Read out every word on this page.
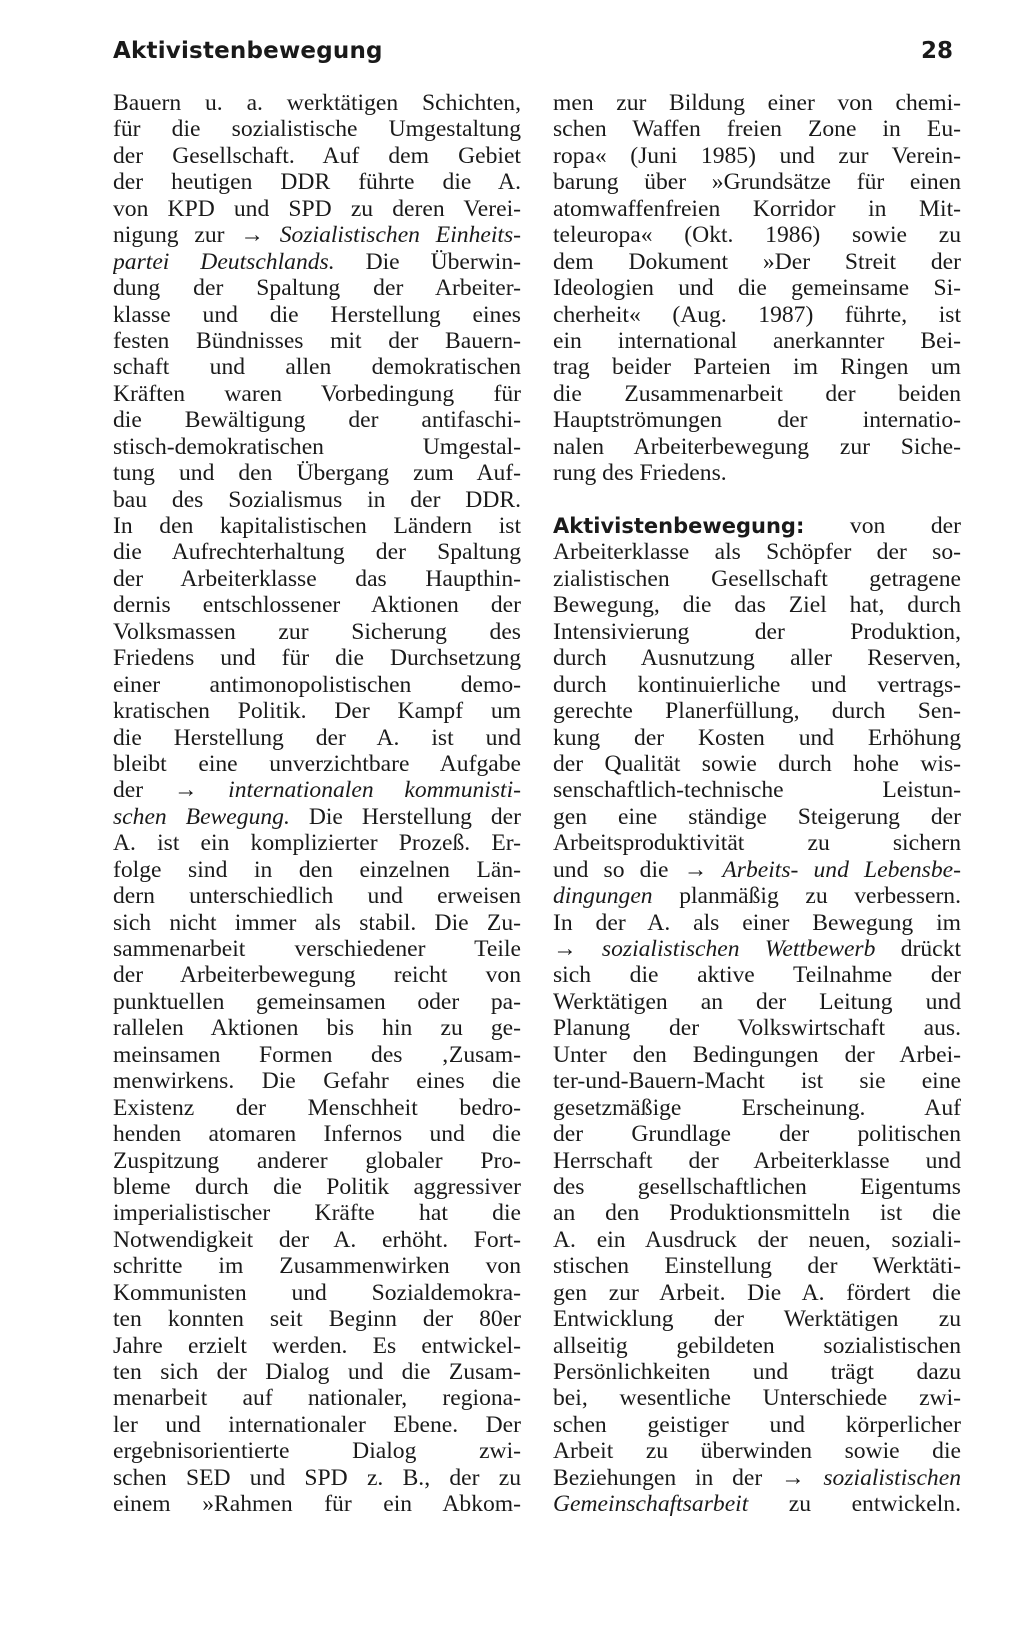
Aktivistenbewegung	28
Bauern u. a. werktätigen Schichten,
für die sozialistische Umgestaltung
der Gesellschaft. Auf dem Gebiet
der heutigen DDR führte die A.
von KPD und SPD zu deren Verei-
nigung zur → Sozialistischen Einheits-
partei Deutschlands. Die Überwin-
dung der Spaltung der Arbeiter-
klasse und die Herstellung eines
festen Bündnisses mit der Bauern-
schaft und allen demokratischen
Kräften waren Vorbedingung für
die Bewältigung der antifaschi-
stisch-demokratischen Umgestal-
tung und den Übergang zum Auf-
bau des Sozialismus in der DDR.
In den kapitalistischen Ländern ist
die Aufrechterhaltung der Spaltung
der Arbeiterklasse das Haupthin-
dernis entschlossener Aktionen der
Volksmassen zur Sicherung des
Friedens und für die Durchsetzung
einer antimonopolistischen demo-
kratischen Politik. Der Kampf um
die Herstellung der A. ist und
bleibt eine unverzichtbare Aufgabe
der → internationalen kommunisti-
schen Bewegung. Die Herstellung der
A. ist ein komplizierter Prozeß. Er-
folge sind in den einzelnen Län-
dern unterschiedlich und erweisen
sich nicht immer als stabil. Die Zu-
sammenarbeit verschiedener Teile
der Arbeiterbewegung reicht von
punktuellen gemeinsamen oder pa-
rallelen Aktionen bis hin zu ge-
meinsamen Formen des ‚Zusam-
menwirkens. Die Gefahr eines die
Existenz der Menschheit bedro-
henden atomaren Infernos und die
Zuspitzung anderer globaler Pro-
bleme durch die Politik aggressiver
imperialistischer Kräfte hat die
Notwendigkeit der A. erhöht. Fort-
schritte im Zusammenwirken von
Kommunisten und Sozialdemokra-
ten konnten seit Beginn der 80er
Jahre erzielt werden. Es entwickel-
ten sich der Dialog und die Zusam-
menarbeit auf nationaler, regiona-
ler und internationaler Ebene. Der
ergebnisorientierte Dialog zwi-
schen SED und SPD z. B., der zu
einem »Rahmen für ein Abkom-
men zur Bildung einer von chemi-
schen Waffen freien Zone in Eu-
ropa« (Juni 1985) und zur Verein-
barung über »Grundsätze für einen
atomwaffenfreien Korridor in Mit-
teleuropa« (Okt. 1986) sowie zu
dem Dokument »Der Streit der
Ideologien und die gemeinsame Si-
cherheit« (Aug. 1987) führte, ist
ein international anerkannter Bei-
trag beider Parteien im Ringen um
die Zusammenarbeit der beiden
Hauptströmungen der internatio-
nalen Arbeiterbewegung zur Siche-
rung des Friedens.
Aktivistenbewegung: von der
Arbeiterklasse als Schöpfer der so-
zialistischen Gesellschaft getragene
Bewegung, die das Ziel hat, durch
Intensivierung der Produktion,
durch Ausnutzung aller Reserven,
durch kontinuierliche und vertrags-
gerechte Planerfüllung, durch Sen-
kung der Kosten und Erhöhung
der Qualität sowie durch hohe wis-
senschaftlich-technische Leistun-
gen eine ständige Steigerung der
Arbeitsproduktivität zu sichern
und so die → Arbeits- und Lebensbe-
dingungen planmäßig zu verbessern.
In der A. als einer Bewegung im
→ sozialistischen Wettbewerb drückt
sich die aktive Teilnahme der
Werktätigen an der Leitung und
Planung der Volkswirtschaft aus.
Unter den Bedingungen der Arbei-
ter-und-Bauern-Macht ist sie eine
gesetzmäßige Erscheinung. Auf
der Grundlage der politischen
Herrschaft der Arbeiterklasse und
des gesellschaftlichen Eigentums
an den Produktionsmitteln ist die
A. ein Ausdruck der neuen, soziali-
stischen Einstellung der Werktäti-
gen zur Arbeit. Die A. fördert die
Entwicklung der Werktätigen zu
allseitig gebildeten sozialistischen
Persönlichkeiten und trägt dazu
bei, wesentliche Unterschiede zwi-
schen geistiger und körperlicher
Arbeit zu überwinden sowie die
Beziehungen in der → sozialistischen
Gemeinschaftsarbeit zu entwickeln.
